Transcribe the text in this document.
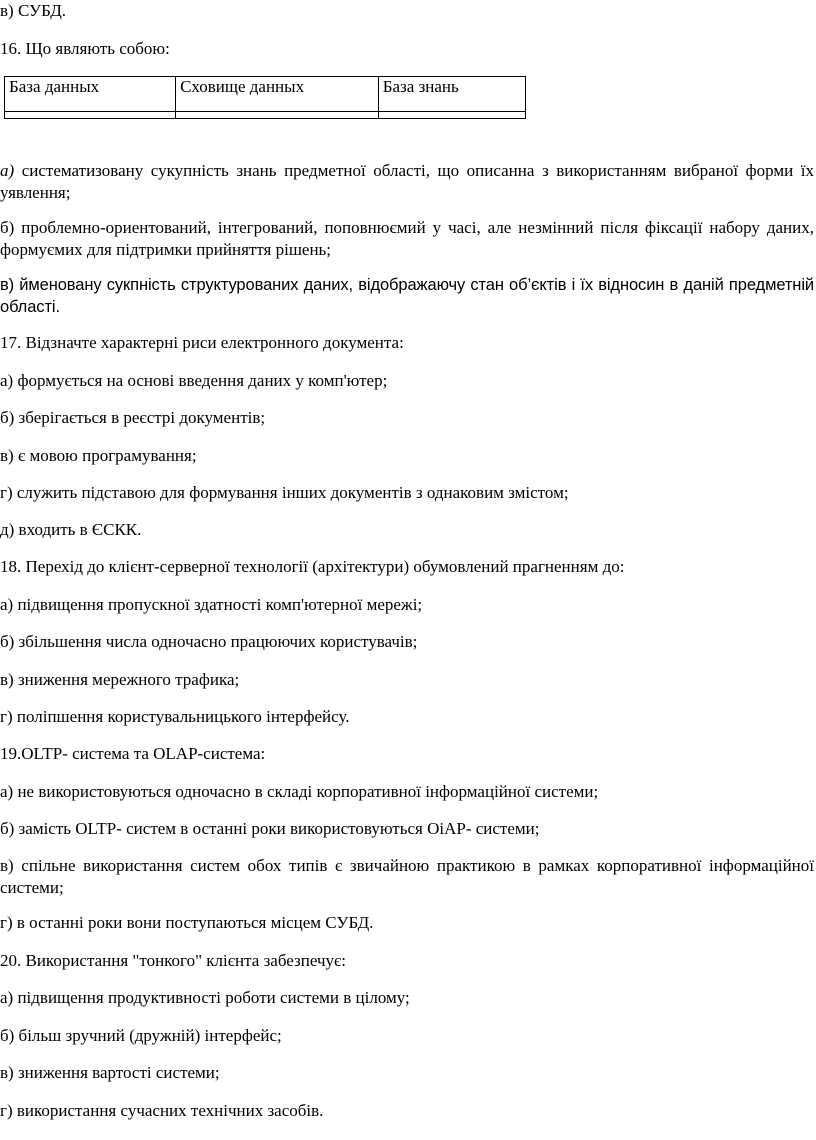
в) СУБД.

16. Що являють собою:

База данных	Сховище данных	База знань

а) систематизовану сукупність знань предметної області, що описанна з використанням вибраної форми їх уявлення;

б) проблемно-ориентований, інтегрований, поповнюємий у часі, але незмінний після фіксації набору даних, формуємих для підтримки прийняття рішень;

в) йменовану сукпність структурованих даних, відображаючу стан об’єктів і їх відносин в даній предметній області.

17. Відзначте характерні риси електронного документа:

а) формується на основі введення даних у комп'ютер;

б) зберігається в реєстрі документів;

в) є мовою програмування;

г) служить підставою для формування інших документів з однаковим змістом;

д) входить в ЄСКК.

18. Перехід до клієнт-серверної технології (архітектури) обумовлений прагненням до:

а) підвищення пропускної здатності комп'ютерної мережі;

б) збільшення числа одночасно працюючих користувачів;

в) зниження мережного трафика;

г) поліпшення користувальницького інтерфейсу.

19.OLTP- система та OLAP-система:

а) не використовуються одночасно в складі корпоративної інформаційної системи;

б) замість OLTP- систем в останні роки використовуються OiAP- системи;

в) спільне використання систем обох типів є звичайною практикою в рамках корпоративної інформаційної системи;

г) в останні роки вони поступаються місцем СУБД.

20. Використання "тонкого" клієнта забезпечує:

а) підвищення продуктивності роботи системи в цілому;

б) більш зручний (дружній) інтерфейс;

в) зниження вартості системи;

г) використання сучасних технічних засобів.
